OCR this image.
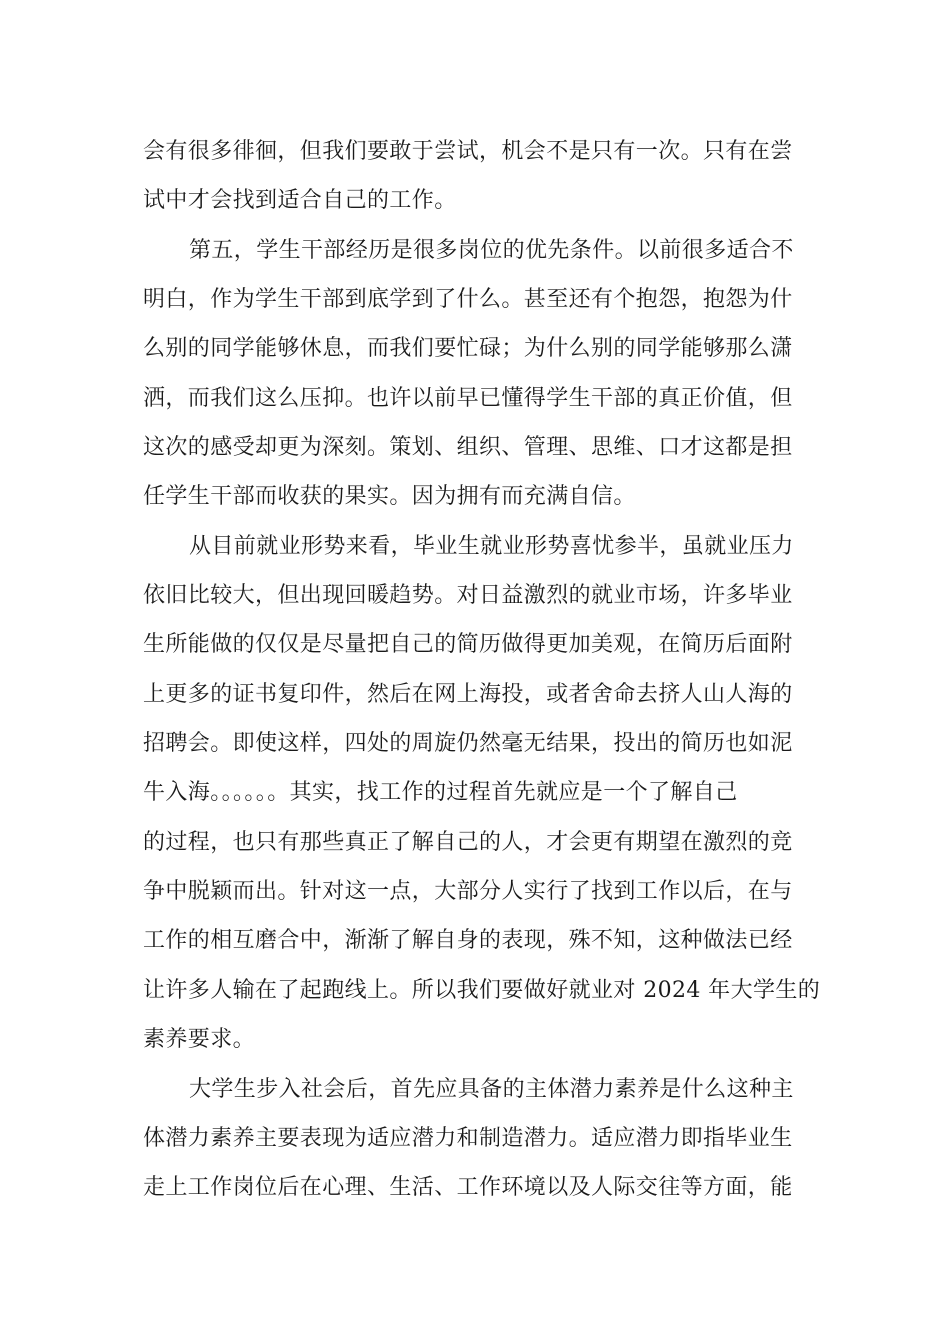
会有很多徘徊，但我们要敢于尝试，机会不是只有一次。只有在尝
试中才会找到适合自己的工作。
第五，学生干部经历是很多岗位的优先条件。以前很多适合不
明白，作为学生干部到底学到了什么。甚至还有个抱怨，抱怨为什
么别的同学能够休息，而我们要忙碌；为什么别的同学能够那么潇
洒，而我们这么压抑。也许以前早已懂得学生干部的真正价值，但
这次的感受却更为深刻。策划、组织、管理、思维、口才这都是担
任学生干部而收获的果实。因为拥有而充满自信。
从目前就业形势来看，毕业生就业形势喜忧参半，虽就业压力
依旧比较大，但出现回暖趋势。对日益激烈的就业市场，许多毕业
生所能做的仅仅是尽量把自己的简历做得更加美观，在简历后面附
上更多的证书复印件，然后在网上海投，或者舍命去挤人山人海的
招聘会。即使这样，四处的周旋仍然毫无结果，投出的简历也如泥
牛入海。。。。。。其实，找工作的过程首先就应是一个了解自己
的过程，也只有那些真正了解自己的人，才会更有期望在激烈的竞
争中脱颖而出。针对这一点，大部分人实行了找到工作以后，在与
工作的相互磨合中，渐渐了解自身的表现，殊不知，这种做法已经
让许多人输在了起跑线上。所以我们要做好就业对 2024 年大学生的
素养要求。
大学生步入社会后，首先应具备的主体潜力素养是什么这种主
体潜力素养主要表现为适应潜力和制造潜力。适应潜力即指毕业生
走上工作岗位后在心理、生活、工作环境以及人际交往等方面，能
